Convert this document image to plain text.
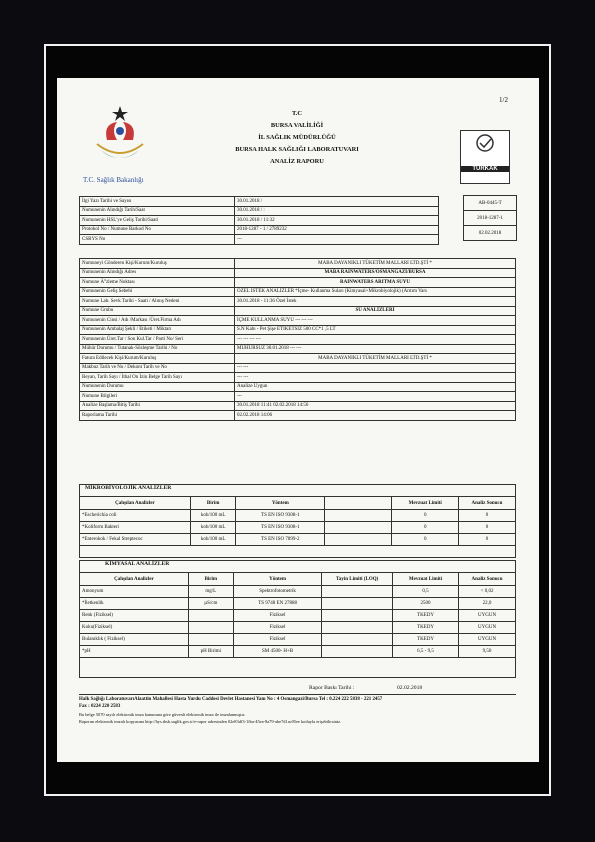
1/2
T.C. Sağlık Bakanlığı
T.C
BURSA VALİLİĞİ
İL SAĞLIK MÜDÜRLÜĞÜ
BURSA HALK SAĞLIĞI LABORATUVARI
ANALİZ RAPORU
TÜRKAK
AB-0445-T
2018-1287-1
02.02.2018
İlgi Yazı Tarihi ve Sayısı	30.01.2018 /
Numunenin Alındığı Tarih/Saat	30.01.2018 / :
Numunenin HSL'ye Geliş Tarihi/Saati	30.01.2018 / 11:32
Protokol No / Numune Barkod No	2018-1287 - 1 / 2789232
CSBYS No	---
Numuneyi Gönderen Kişi/Kurum/Kuruluş	MABA DAYANIKLI TÜKETİM MALLARI LTD.ŞTİ *
Numunenin Alındığı Adres	MABA RAINWATERS/OSMANGAZİ/BURSA
Numune Ä°zleme Noktası	RAINWATERS ARITMA SUYU
Numunenin Geliş Sebebi	ÖZEL İSTEK ANALİZLER *İçme- Kullanma Suları (Kimyasal+Mikrobiyolojik) (Arıtım Vars
Numune Lab. Sevk Tarihi - Saati / Alınış Nedeni	30.01.2018 - 11:36 Özel İstek
Numune Grubu	SU ANALİZLERİ
Numunenin Cinsi / Adı /Markası /Üret.Firma Adı	İÇME KULLANMA SUYU --- --- ---
Numunenin Ambalaj Şekli / Etiketi / Miktarı	S.N Kabı - Pet Şişe ETİKETSİZ 500 CC*1 ,5 LT
Numunenin Üret.Tar / Son Kul.Tar / Parti No/ Seri	--- --- --- ---
Mühür Durumu / Tutanak-Sözleşme Tarihi / No	MÜHÜRSÜZ 30.01.2018 --- ---
Fatura Edilecek Kişi/Kurum/Kuruluş	MABA DAYANIKLI TÜKETİM MALLARI LTD.ŞTİ *
Makbuz Tarih ve No / Dekont Tarih ve No	--- ---
Beyan, Tarih Sayı / İthal On İzin Belge Tarih Sayı	--- ---
Numunenin Durumu	Analize Uygun
Numune Bilgileri	---
Analize Başlama/Bitiş Tarihi	30.01.2018 11:41 02.02.2018 14:56
Raporlama Tarihi	02.02.2018 14:06
MİKROBİYOLOJİK ANALİZLER
Çalışılan Analizler	Birim	Yöntem		Mevzuat Limiti	Analiz Sonucu
*Escherichia coli	kob/100 mL	TS EN ISO 9308-1		0	0
*Koliform Bakteri	kob/100 mL	TS EN ISO 9308-1		0	0
*Enterokok / Fekal Streptecoc	kob/100 mL	TS EN ISO 7899-2		0	0
KİMYASAL ANALİZLER
Çalışılan Analizler	Birim	Yöntem	Tayin Limiti (LOQ)	Mevzuat Limiti	Analiz Sonucu
Amonyum	mg/L	Spektrofotometrik		0,5	< 0,02
*İletkenlik	µS/cm	TS 9748 EN 27888		2500	22,0
Renk (Fiziksel)		Fiziksel		TKEDY	UYGUN
Koku(Fiziksel)		Fiziksel		TKEDY	UYGUN
Bulanıklık ( Fiziksel)		Fiziksel		TKEDY	UYGUN
*pH	pH Birimi	SM 4500- H+B		6,5 - 9,5	9,50
Rapor Baskı Tarihi :	02.02.2018
Halk Sağlığı LaboratuvarıAlaattin Mahallesi Hasta Yurdu Caddesi Devlet Hastanesi Yanı No : 4 Osmangazi/Bursa Tel : 0.224 222 5838 - 221 2457
Fax : 0224 220 2583
Bu belge 5070 sayılı elektronik imza kanununa göre güvenli elektronik imza ile imzalanmıştır.
Raporun elektronik imzalı kopyasına http://hys.thsk.saglik.gov.tr/e-rapor adresinden 02e83df3-1fba-45ea-8a79-abe7d1ac05ee koduyla erişebilirsiniz.
